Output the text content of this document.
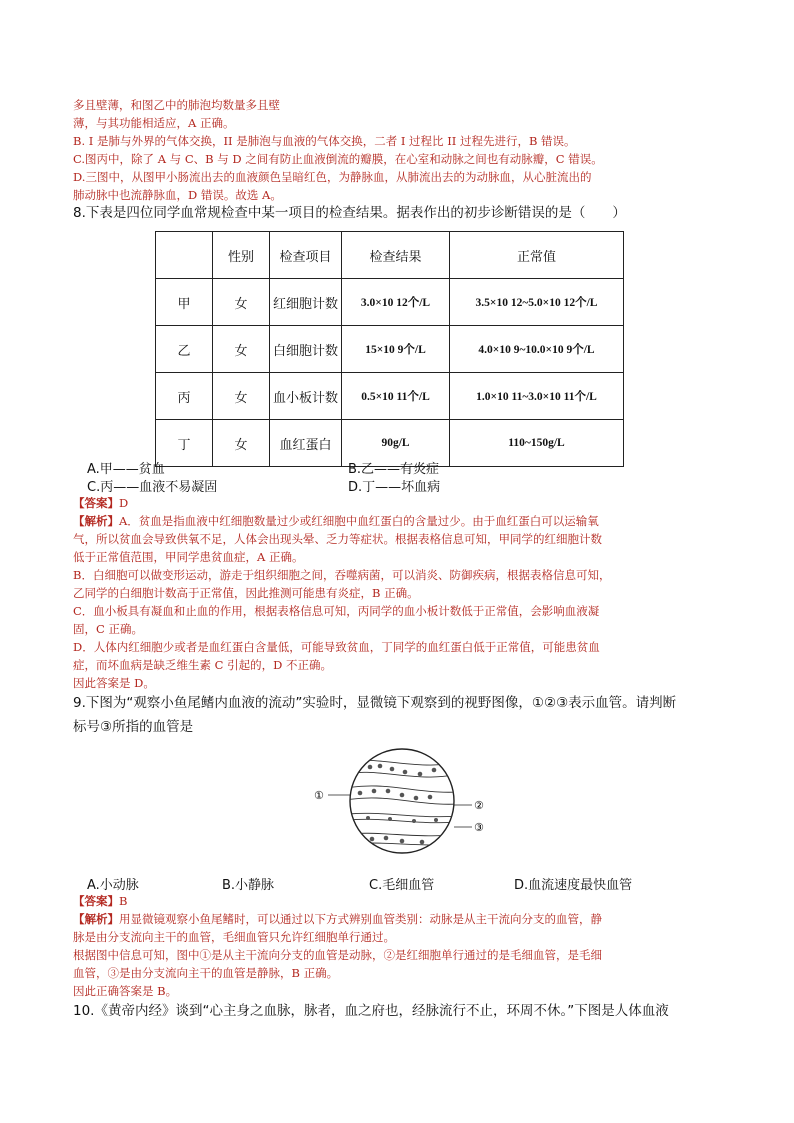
多且壁薄，和图乙中的肺泡均数量多且壁
薄，与其功能相适应，A 正确。
B. I 是肺与外界的气体交换，II 是肺泡与血液的气体交换，二者 I 过程比 II 过程先进行，B 错误。
C.图丙中，除了 A 与 C、B 与 D 之间有防止血液倒流的瓣膜，在心室和动脉之间也有动脉瓣，C 错误。
D.三图中，从图甲小肠流出去的血液颜色呈暗红色，为静脉血，从肺流出去的为动脉血，从心脏流出的
肺动脉中也流静脉血，D 错误。故选 A。
8.下表是四位同学血常规检查中某一项目的检查结果。据表作出的初步诊断错误的是（　　）
	性别	检查项目	检查结果	正常值
甲	女	红细胞计数	3.0×10 12个/L	3.5×10 12~5.0×10 12个/L
乙	女	白细胞计数	15×10 9个/L	4.0×10 9~10.0×10 9个/L
丙	女	血小板计数	0.5×10 11个/L	1.0×10 11~3.0×10 11个/L
丁	女	血红蛋白	90g/L	110~150g/L
A.甲——贫血	B.乙——有炎症
C.丙——血液不易凝固	D.丁——坏血病
【答案】D
【解析】A．贫血是指血液中红细胞数量过少或红细胞中血红蛋白的含量过少。由于血红蛋白可以运输氧
气，所以贫血会导致供氧不足，人体会出现头晕、乏力等症状。根据表格信息可知，甲同学的红细胞计数
低于正常值范围，甲同学患贫血症，A 正确。
B．白细胞可以做变形运动，游走于组织细胞之间，吞噬病菌，可以消炎、防御疾病，根据表格信息可知，
乙同学的白细胞计数高于正常值，因此推测可能患有炎症，B 正确。
C．血小板具有凝血和止血的作用，根据表格信息可知，丙同学的血小板计数低于正常值，会影响血液凝
固，C 正确。
D．人体内红细胞少或者是血红蛋白含量低，可能导致贫血，丁同学的血红蛋白低于正常值，可能患贫血
症，而坏血病是缺乏维生素 C 引起的，D 不正确。
因此答案是 D。
9.下图为“观察小鱼尾鳍内血液的流动”实验时，显微镜下观察到的视野图像，①②③表示血管。请判断
标号③所指的血管是
①
②
③
A.小动脉	B.小静脉	C.毛细血管	D.血流速度最快血管
【答案】B
【解析】用显微镜观察小鱼尾鳍时，可以通过以下方式辨别血管类别：动脉是从主干流向分支的血管，静
脉是由分支流向主干的血管，毛细血管只允许红细胞单行通过。
根据图中信息可知，图中①是从主干流向分支的血管是动脉，②是红细胞单行通过的是毛细血管，是毛细
血管，③是由分支流向主干的血管是静脉，B 正确。
因此正确答案是 B。
10.《黄帝内经》谈到“心主身之血脉，脉者，血之府也，经脉流行不止，环周不休。”下图是人体血液
